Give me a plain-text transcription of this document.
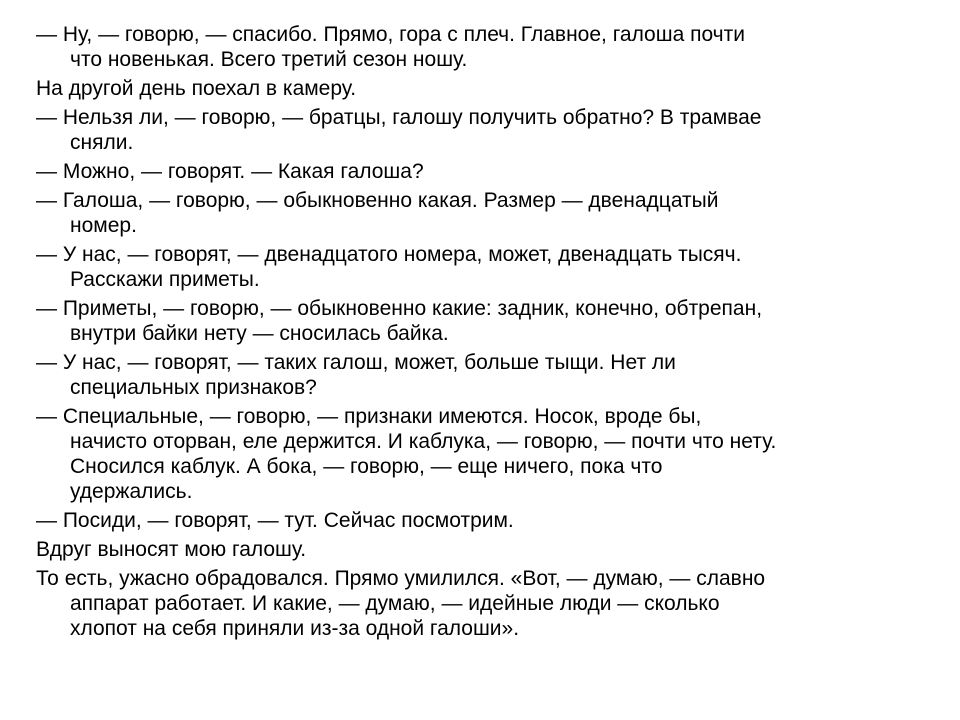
— Ну, — говорю, — спасибо. Прямо, гора с плеч. Главное, галоша почти
что новенькая. Всего третий сезон ношу.

На другой день поехал в камеру.

— Нельзя ли, — говорю, — братцы, галошу получить обратно? В трамвае
сняли.

— Можно, — говорят. — Какая галоша?

— Галоша, — говорю, — обыкновенно какая. Размер — двенадцатый
номер.

— У нас, — говорят, — двенадцатого номера, может, двенадцать тысяч.
Расскажи приметы.

— Приметы, — говорю, — обыкновенно какие: задник, конечно, обтрепан,
внутри байки нету — сносилась байка.

— У нас, — говорят, — таких галош, может, больше тыщи. Нет ли
специальных признаков?

— Специальные, — говорю, — признаки имеются. Носок, вроде бы,
начисто оторван, еле держится. И каблука, — говорю, — почти что нету.
Сносился каблук. А бока, — говорю, — еще ничего, пока что
удержались.

— Посиди, — говорят, — тут. Сейчас посмотрим.

Вдруг выносят мою галошу.

То есть, ужасно обрадовался. Прямо умилился. «Вот, — думаю, — славно
аппарат работает. И какие, — думаю, — идейные люди — сколько
хлопот на себя приняли из-за одной галоши».
